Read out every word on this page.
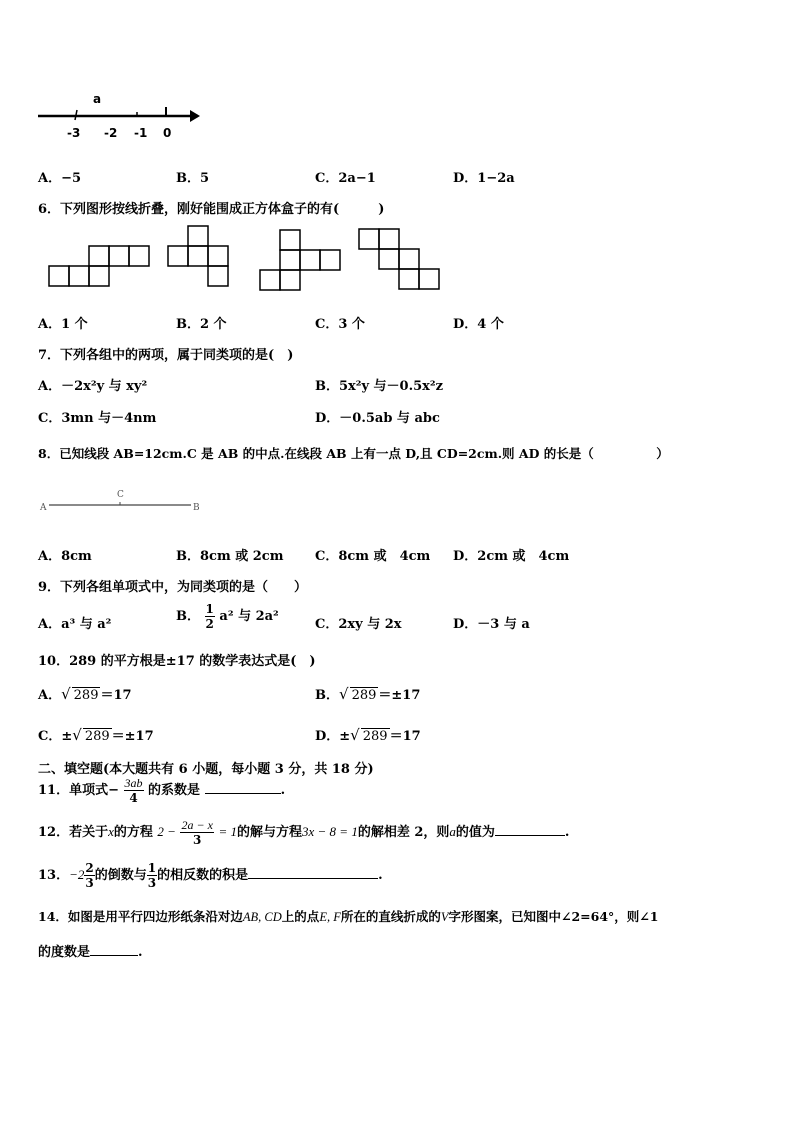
a
-3 -2 -1 0
A．−5	B．5	C．2a−1	D．1−2a
6．下列图形按线折叠，刚好能围成正方体盒子的有(　　　)
A．1 个	B．2 个	C．3 个	D．4 个
7．下列各组中的两项，属于同类项的是(　)
A．－2x²y 与 xy²	B．5x²y 与－0.5x²z
C．3mn 与－4nm	D．－0.5ab 与 abc
8．已知线段 AB=12cm.C 是 AB 的中点.在线段 AB 上有一点 D,且 CD=2cm.则 AD 的长是（　　　　　）
A
C
B
A．8cm	B．8cm 或 2cm C．8cm 或　4cm D．2cm 或　4cm
9．下列各组单项式中，为同类项的是（　　）
A．a³ 与 a²
B． $\frac{1}{2} a^2$ 与 2a²
C．2xy 与 2x	D．－3 与 a
10．289 的平方根是±17 的数学表达式是(　)
A．√ 289 ＝17	B．√ 289 ＝±17
C．±√ 289 ＝±17	D．±√ 289 ＝17
二、填空题(本大题共有 6 小题，每小题 3 分，共 18 分)
11．单项式− $\frac{3ab}{4}$ 的系数是	.
12．若关于x的方程 $2 - \frac{2a - x}{3} = 1$的解与方程3x − 8 = 1的解相差 2，则a的值为	.
13．$-2 \frac{2}{3}$ 的倒数与 $\frac{1}{3}$ 的相反数的积是	.
14．如图是用平行四边形纸条沿对边AB, CD上的点E, F所在的直线折成的V字形图案，已知图中∠2=64°，则∠1
的度数是	.
